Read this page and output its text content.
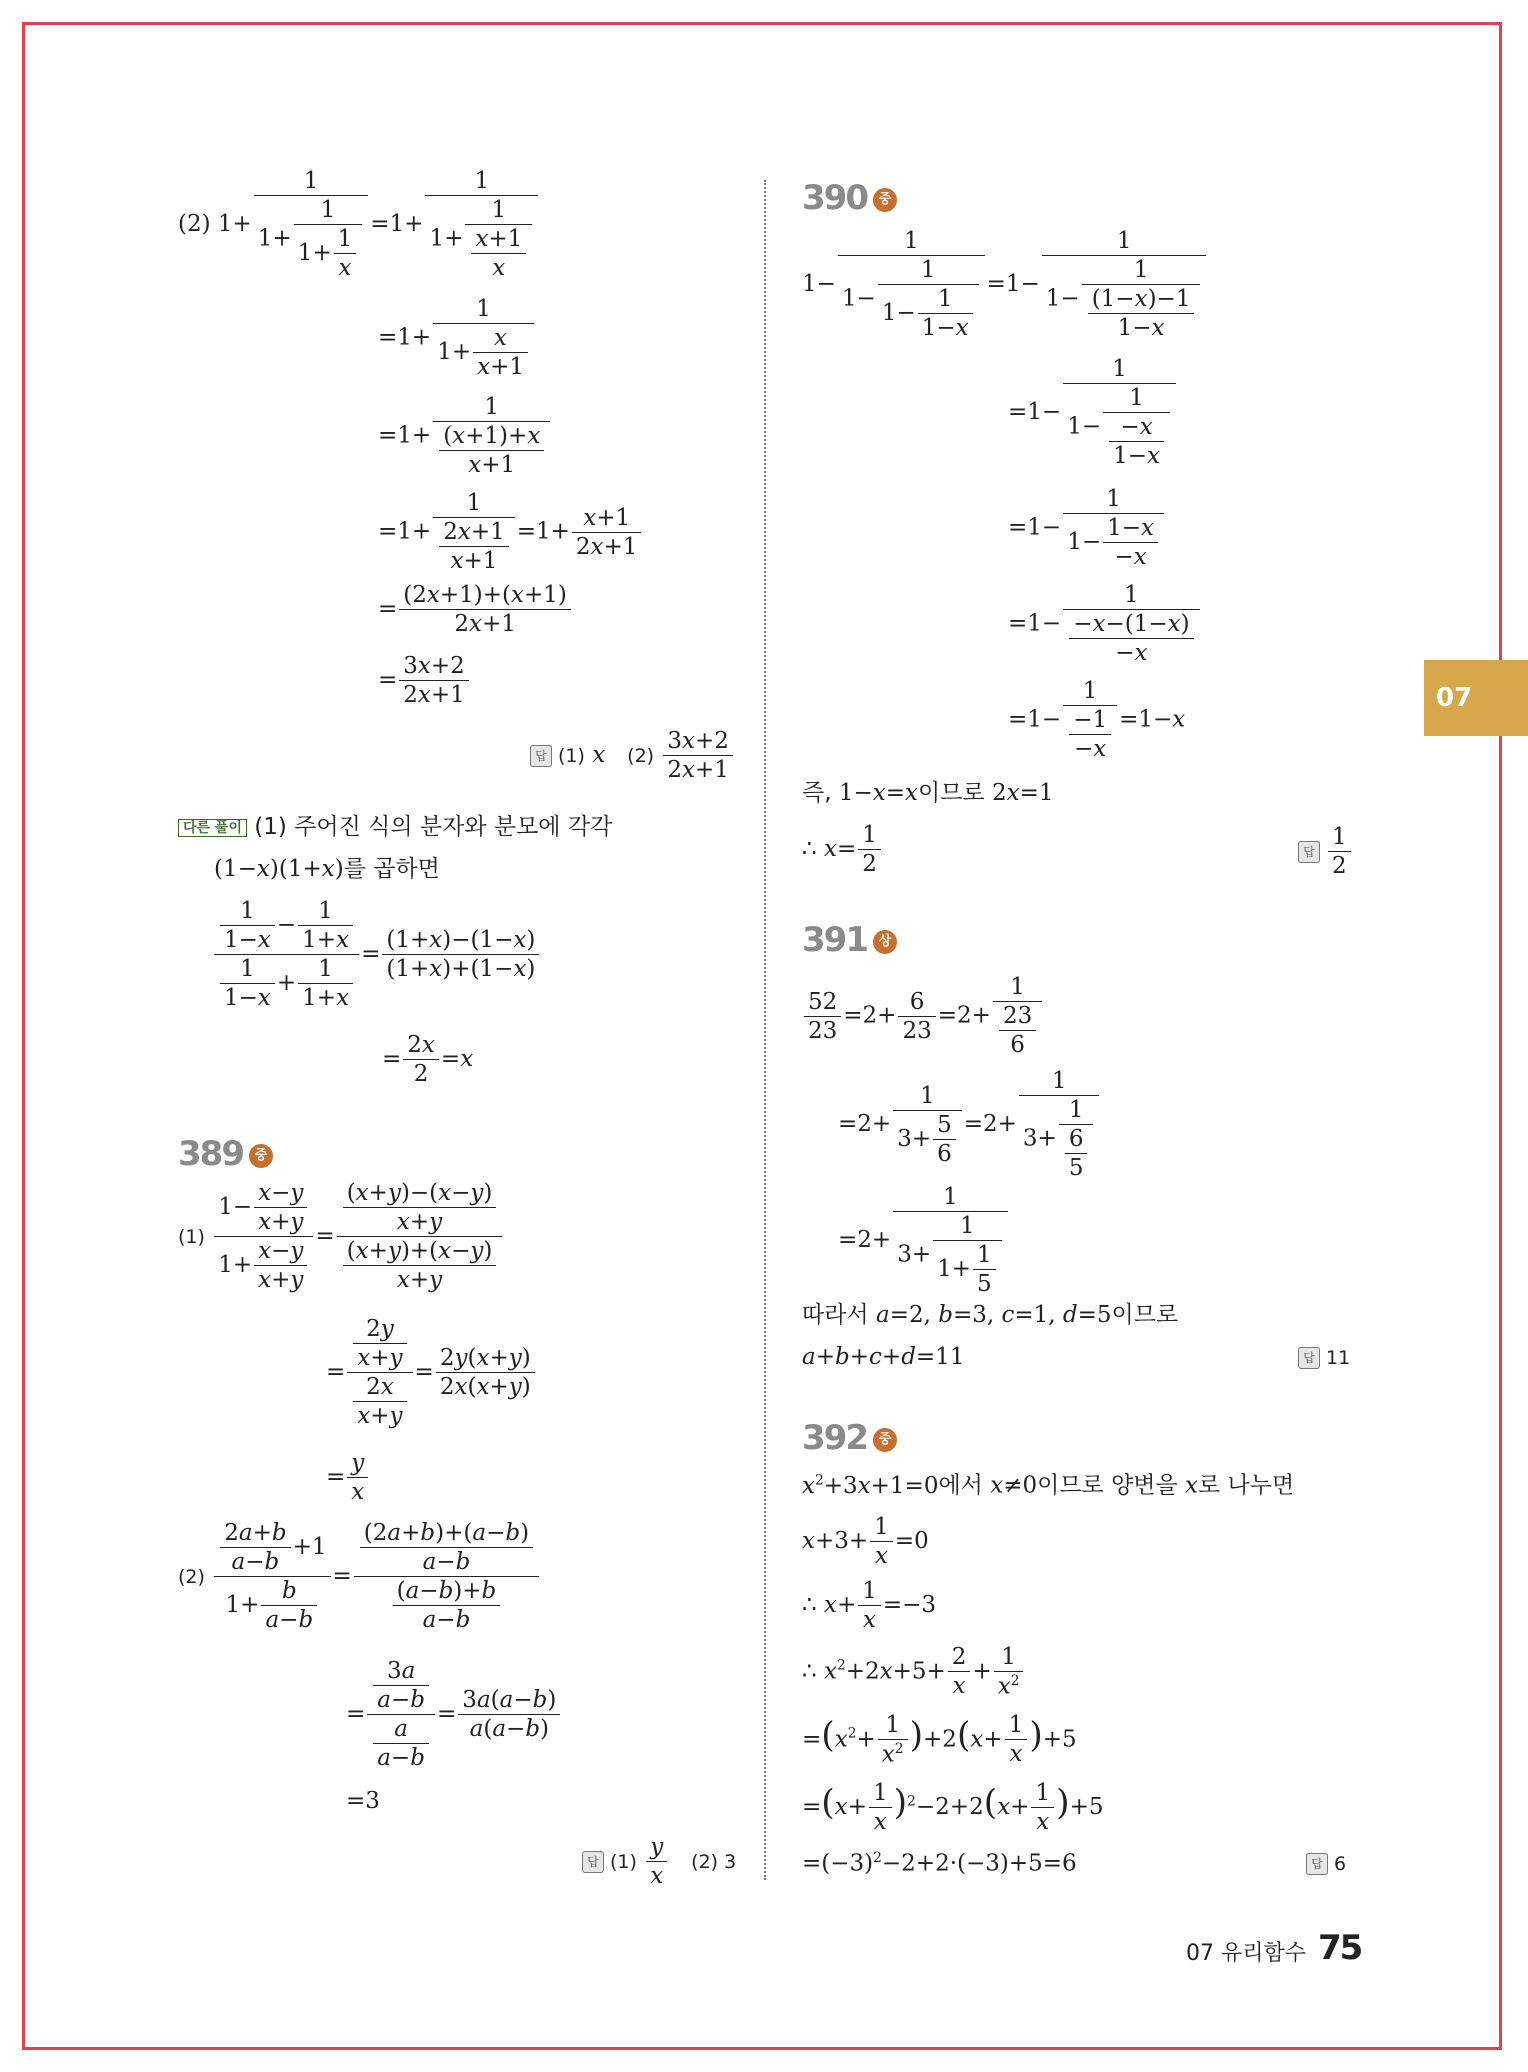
07
(2) $1+ \frac{1}{1+ \frac{1}{1+ \frac{1}{x}}} =1+ \frac{1}{1+ \frac{1}{\frac{x+1}{x}}}$
$=1+ \frac{1}{1+ \frac{x}{x+1}}$
$=1+ \frac{1}{\frac{(x+1)+x}{x+1}}$
$=1+ \frac{1}{\frac{2x+1}{x+1}} =1+ \frac{x+1}{2x+1}$
= $\frac{(2x+1)+(x+1)}{2x+1}$
= $\frac{3x+2}{2x+1}$
답 (1) x $(2) \frac{3x+2}{2x+1}$
다른 풀이 (1) 주어진 식의 분자와 분모에 각각
(1−x)(1+x)를 곱하면
$\frac{\frac{1}{1-x} - \frac{1}{1+x}}{\frac{1}{1-x} + \frac{1}{1+x}} = \frac{(1+x)-(1-x)}{(1+x)+(1-x)}$
= $\frac{2x}{2} =x$
389 중
$(1) \frac{1- \frac{x-y}{x+y}}{1+ \frac{x-y}{x+y}} = \frac{\frac{(x+y)-(x-y)}{x+y}}{\frac{(x+y)+(x-y)}{x+y}}$
= $\frac{\frac{2y}{x+y}}{\frac{2x}{x+y}} = \frac{2y(x+y)}{2x(x+y)}$
= $\frac{y}{x}$
$(2) \frac{\frac{2a+b}{a-b} +1}{1+ \frac{b}{a-b}} = \frac{\frac{(2a+b)+(a-b)}{a-b}}{\frac{(a-b)+b}{a-b}}$
= $\frac{\frac{3a}{a-b}}{\frac{a}{a-b}} = \frac{3a(a-b)}{a(a-b)}$
=3
답 $(1) \frac{y}{x} (2)$ 3
390 중
$1- \frac{1}{1- \frac{1}{1- \frac{1}{1-x}}} =1- \frac{1}{1- \frac{1}{\frac{(1-x)-1}{1-x}}}$
$=1- \frac{1}{1- \frac{1}{\frac{-x}{1-x}}}$
$=1- \frac{1}{1- \frac{1-x}{-x}}$
$=1- \frac{1}{\frac{-x-(1-x)}{-x}}$
$=1- \frac{1}{\frac{-1}{-x}} =1-x$
즉, 1−x=x이므로 2x=1
∴ $x= \frac{1}{2}$	답 $\frac{1}{2}$
391 상
$\frac{52}{23} =2+ \frac{6}{23} =2+ \frac{1}{\frac{23}{6}}$
$=2+ \frac{1}{3+ \frac{5}{6}} =2+ \frac{1}{3+ \frac{1}{\frac{6}{5}}}$
$=2+ \frac{1}{3+ \frac{1}{1+ \frac{1}{5}}}$
따라서 a=2, b=3, c=1, d=5이므로
a+b+c+d=11	답 11
392 중
$x^2+3x+1=0$에서 x≠0이므로 양변을 x로 나누면
$x+3+ \frac{1}{x} =0$
∴ $x+ \frac{1}{x} =-3$
∴ $x^2+2x+5+ \frac{2}{x} + \frac{1}{x^2}$
$=(x^2+ \frac{1}{x^2} )+2(x+ \frac{1}{x} )+5$
$=(x+ \frac{1}{x} )^2-2+2(x+ \frac{1}{x} )+5$
$=(-3)^2-2+2\cdot(-3)+5=6$	답 6
07 유리함수 75
